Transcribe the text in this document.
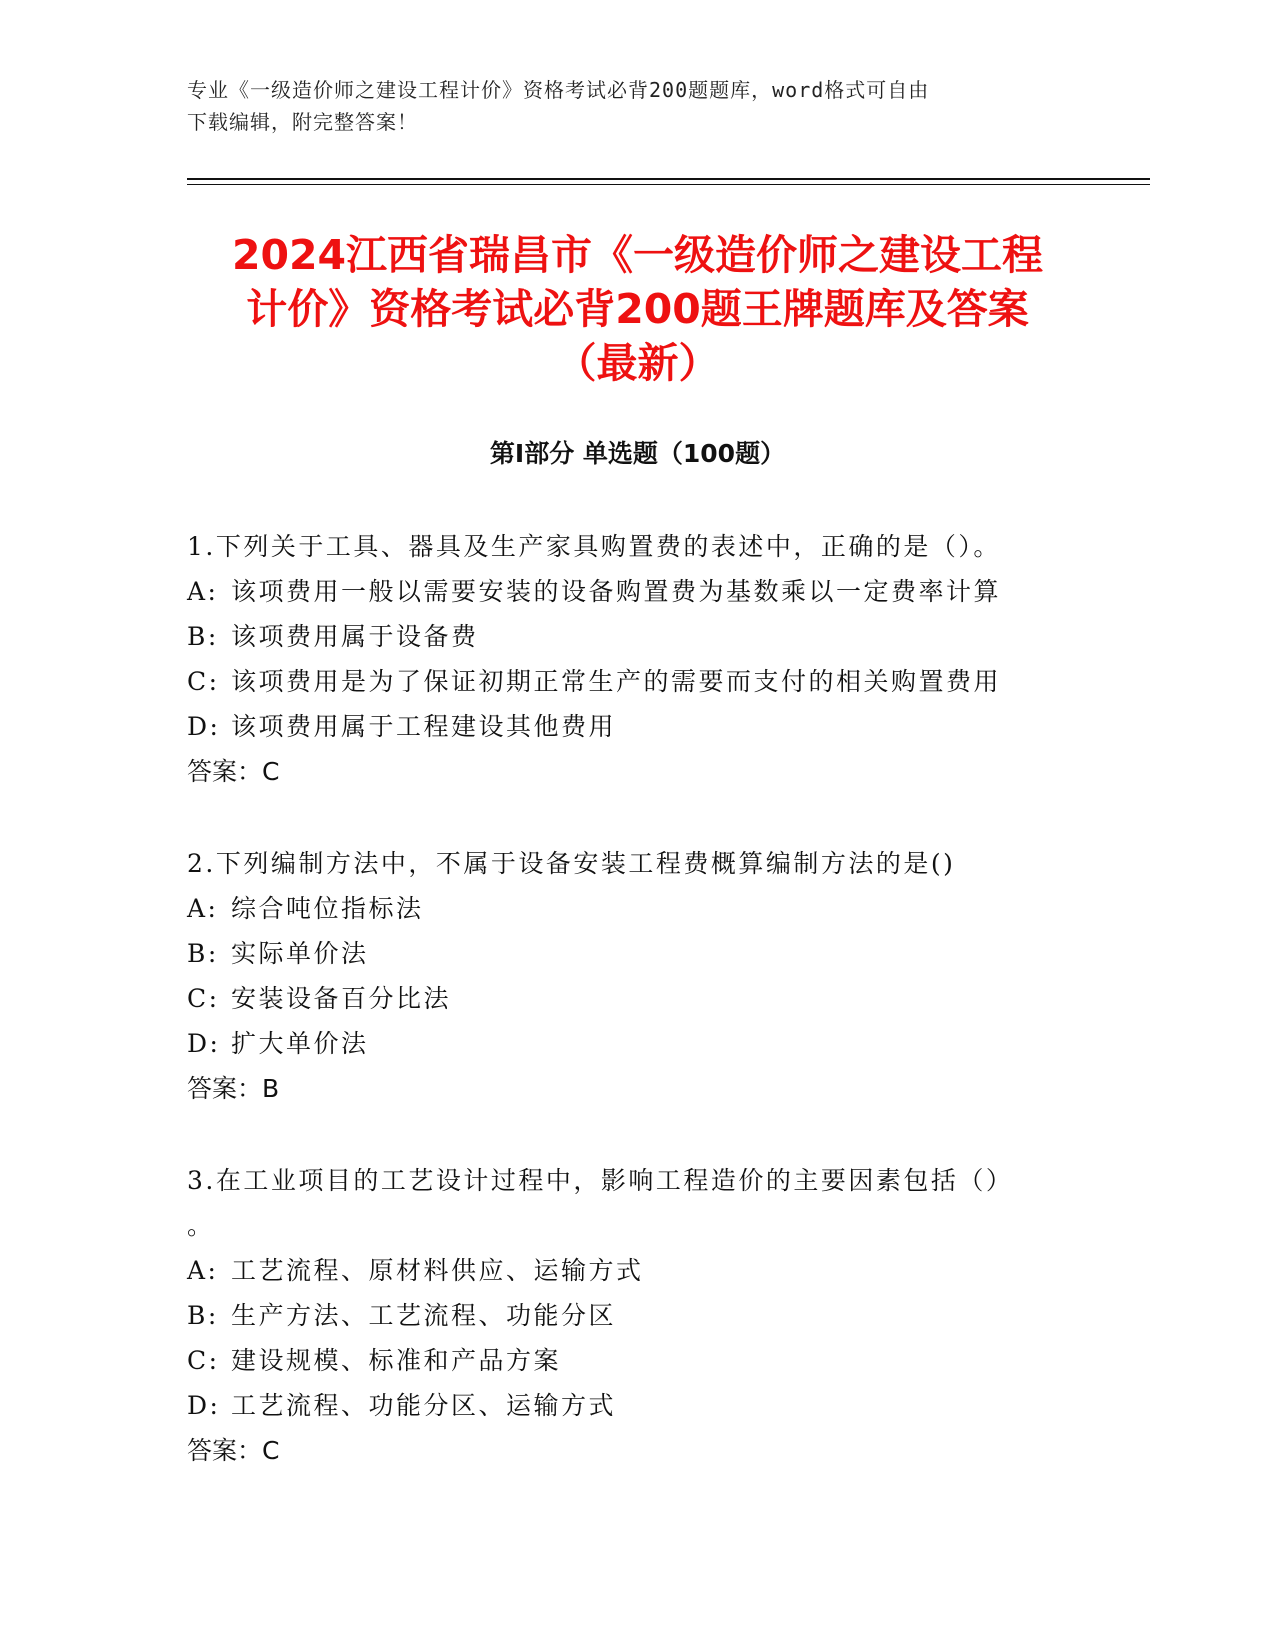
专业《一级造价师之建设工程计价》资格考试必背200题题库，word格式可自由
下载编辑，附完整答案！
2024江西省瑞昌市《一级造价师之建设工程
计价》资格考试必背200题王牌题库及答案
（最新）
第I部分 单选题（100题）
1.下列关于工具、器具及生产家具购置费的表述中，正确的是（）。
A: 该项费用一般以需要安装的设备购置费为基数乘以一定费率计算
B: 该项费用属于设备费
C: 该项费用是为了保证初期正常生产的需要而支付的相关购置费用
D: 该项费用属于工程建设其他费用
答案：C
2.下列编制方法中，不属于设备安装工程费概算编制方法的是()
A: 综合吨位指标法
B: 实际单价法
C: 安装设备百分比法
D: 扩大单价法
答案：B
3.在工业项目的工艺设计过程中，影响工程造价的主要因素包括（）
。
A: 工艺流程、原材料供应、运输方式
B: 生产方法、工艺流程、功能分区
C: 建设规模、标准和产品方案
D: 工艺流程、功能分区、运输方式
答案：C
